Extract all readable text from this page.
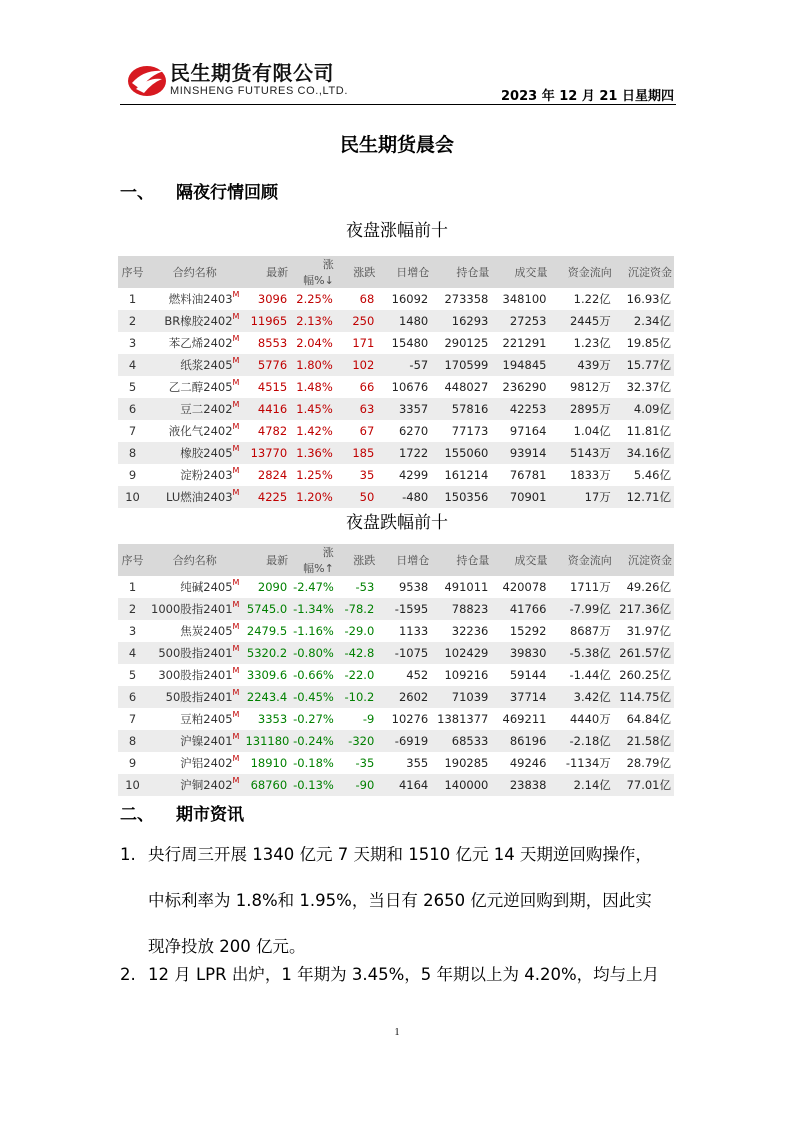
民生期货有限公司
MINSHENG FUTURES CO.,LTD.	2023 年 12 月 21 日星期四
民生期货晨会
一、 隔夜行情回顾
夜盘涨幅前十
序号	合约名称	最新	涨幅%↓	涨跌	日增仓	持仓量	成交量	资金流向	沉淀资金
1	燃料油$2403^M$	3096	2.25%	68	16092	273358	348100	1.22亿	16.93亿
2	BR橡胶$2402^M$	11965	2.13%	250	1480	16293	27253	2445万	2.34亿
3	苯乙烯$2402^M$	8553	2.04%	171	15480	290125	221291	1.23亿	19.85亿
4	纸浆$2405^M$	5776	1.80%	102	-57	170599	194845	439万	15.77亿
5	乙二醇$2405^M$	4515	1.48%	66	10676	448027	236290	9812万	32.37亿
6	豆二$2402^M$	4416	1.45%	63	3357	57816	42253	2895万	4.09亿
7	液化气$2402^M$	4782	1.42%	67	6270	77173	97164	1.04亿	11.81亿
8	橡胶$2405^M$	13770	1.36%	185	1722	155060	93914	5143万	34.16亿
9	淀粉$2403^M$	2824	1.25%	35	4299	161214	76781	1833万	5.46亿
10	LU燃油$2403^M$	4225	1.20%	50	-480	150356	70901	17万	12.71亿
夜盘跌幅前十
序号	合约名称	最新	涨幅%↑	涨跌	日增仓	持仓量	成交量	资金流向	沉淀资金
1	纯碱$2405^M$	2090	-2.47%	-53	9538	491011	420078	1711万	49.26亿
2	1000股指$2401^M$	5745.0	-1.34%	-78.2	-1595	78823	41766	-7.99亿	217.36亿
3	焦炭$2405^M$	2479.5	-1.16%	-29.0	1133	32236	15292	8687万	31.97亿
4	500股指$2401^M$	5320.2	-0.80%	-42.8	-1075	102429	39830	-5.38亿	261.57亿
5	300股指$2401^M$	3309.6	-0.66%	-22.0	452	109216	59144	-1.44亿	260.25亿
6	50股指$2401^M$	2243.4	-0.45%	-10.2	2602	71039	37714	3.42亿	114.75亿
7	豆粕$2405^M$	3353	-0.27%	-9	10276	1381377	469211	4440万	64.84亿
8	沪镍$2401^M$	131180	-0.24%	-320	-6919	68533	86196	-2.18亿	21.58亿
9	沪铝$2402^M$	18910	-0.18%	-35	355	190285	49246	-1134万	28.79亿
10	沪铜$2402^M$	68760	-0.13%	-90	4164	140000	23838	2.14亿	77.01亿
二、 期市资讯
1. 央行周三开展 1340 亿元 7 天期和 1510 亿元 14 天期逆回购操作，
中标利率为 1.8%和 1.95%，当日有 2650 亿元逆回购到期，因此实
现净投放 200 亿元。
2. 12 月 LPR 出炉，1 年期为 3.45%，5 年期以上为 4.20%，均与上月
1
